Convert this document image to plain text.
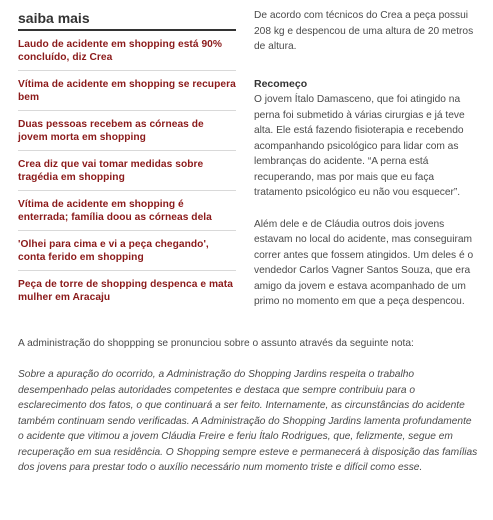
saiba mais
Laudo de acidente em shopping está 90% concluído, diz Crea
Vítima de acidente em shopping se recupera bem
Duas pessoas recebem as córneas de jovem morta em shopping
Crea diz que vai tomar medidas sobre tragédia em shopping
Vítima de acidente em shopping é enterrada; família doou as córneas dela
'Olhei para cima e vi a peça chegando', conta ferido em shopping
Peça de torre de shopping despenca e mata mulher em Aracaju

De acordo com técnicos do Crea a peça possui 208 kg e despencou de uma altura de 20 metros de altura.

Recomeço

O jovem Ítalo Damasceno, que foi atingido na perna foi submetido à várias cirurgias e já teve alta. Ele está fazendo fisioterapia e recebendo acompanhando psicológico para lidar com as lembranças do acidente. “A perna está recuperando, mas por mais que eu faça tratamento psicológico eu não vou esquecer”.

Além dele e de Cláudia outros dois jovens estavam no local do acidente, mas conseguiram correr antes que fossem atingidos. Um deles é o vendedor Carlos Vagner Santos Souza, que era amigo da jovem e estava acompanhado de um primo no momento em que a peça despencou.

A administração do shoppping se pronunciou sobre o assunto através da seguinte nota:

Sobre a apuração do ocorrido, a Administração do Shopping Jardins respeita o trabalho desempenhado pelas autoridades competentes e destaca que sempre contribuiu para o esclarecimento dos fatos, o que continuará a ser feito. Internamente, as circunstâncias do acidente também continuam sendo verificadas. A Administração do Shopping Jardins lamenta profundamente o acidente que vitimou a jovem Cláudia Freire e feriu Ítalo Rodrigues, que, felizmente, segue em recuperação em sua residência. O Shopping sempre esteve e permanecerá à disposição das famílias dos jovens para prestar todo o auxílio necessário num momento triste e difícil como esse.
